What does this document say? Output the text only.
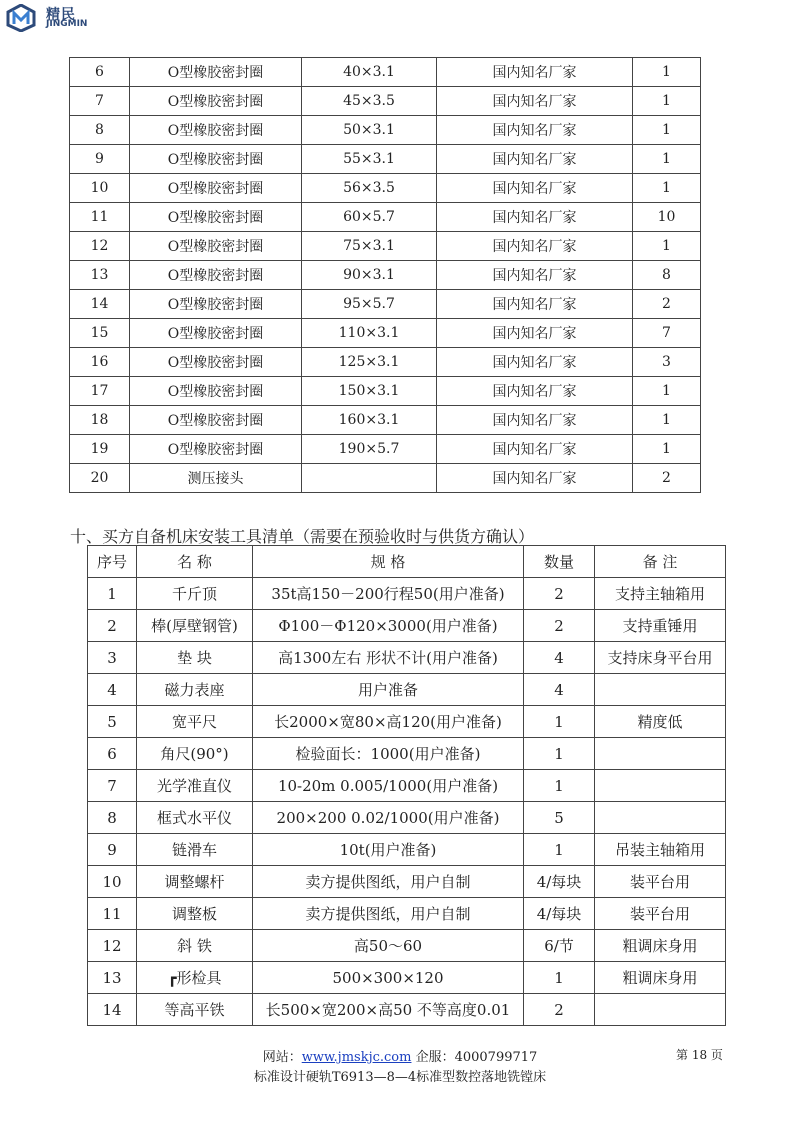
精民
JINGMIN
6	O型橡胶密封圈	40×3.1	国内知名厂家	1
7	O型橡胶密封圈	45×3.5	国内知名厂家	1
8	O型橡胶密封圈	50×3.1	国内知名厂家	1
9	O型橡胶密封圈	55×3.1	国内知名厂家	1
10	O型橡胶密封圈	56×3.5	国内知名厂家	1
11	O型橡胶密封圈	60×5.7	国内知名厂家	10
12	O型橡胶密封圈	75×3.1	国内知名厂家	1
13	O型橡胶密封圈	90×3.1	国内知名厂家	8
14	O型橡胶密封圈	95×5.7	国内知名厂家	2
15	O型橡胶密封圈	110×3.1	国内知名厂家	7
16	O型橡胶密封圈	125×3.1	国内知名厂家	3
17	O型橡胶密封圈	150×3.1	国内知名厂家	1
18	O型橡胶密封圈	160×3.1	国内知名厂家	1
19	O型橡胶密封圈	190×5.7	国内知名厂家	1
20	测压接头		国内知名厂家	2
十、买方自备机床安装工具清单（需要在预验收时与供货方确认）
序号	名 称	规 格	数量	备 注
1	千斤顶	35t高150－200行程50(用户准备)	2	支持主轴箱用
2	棒(厚壁钢管)	Φ100－Φ120×3000(用户准备)	2	支持重锤用
3	垫 块	高1300左右 形状不计(用户准备)	4	支持床身平台用
4	磁力表座	用户准备	4	
5	宽平尺	长2000×宽80×高120(用户准备)	1	精度低
6	角尺(90°)	检验面长：1000(用户准备)	1	
7	光学准直仪	10-20m 0.005/1000(用户准备)	1	
8	框式水平仪	200×200 0.02/1000(用户准备)	5	
9	链滑车	10t(用户准备)	1	吊装主轴箱用
10	调整螺杆	卖方提供图纸，用户自制	4/每块	装平台用
11	调整板	卖方提供图纸，用户自制	4/每块	装平台用
12	斜 铁	高50～60	6/节	粗调床身用
13	┏形检具	500×300×120	1	粗调床身用
14	等高平铁	长500×宽200×高50 不等高度0.01	2	
网站：www.jmskjc.com 企服：4000799717
标准设计硬轨T6913—8—4标准型数控落地铣镗床
第 18 页
